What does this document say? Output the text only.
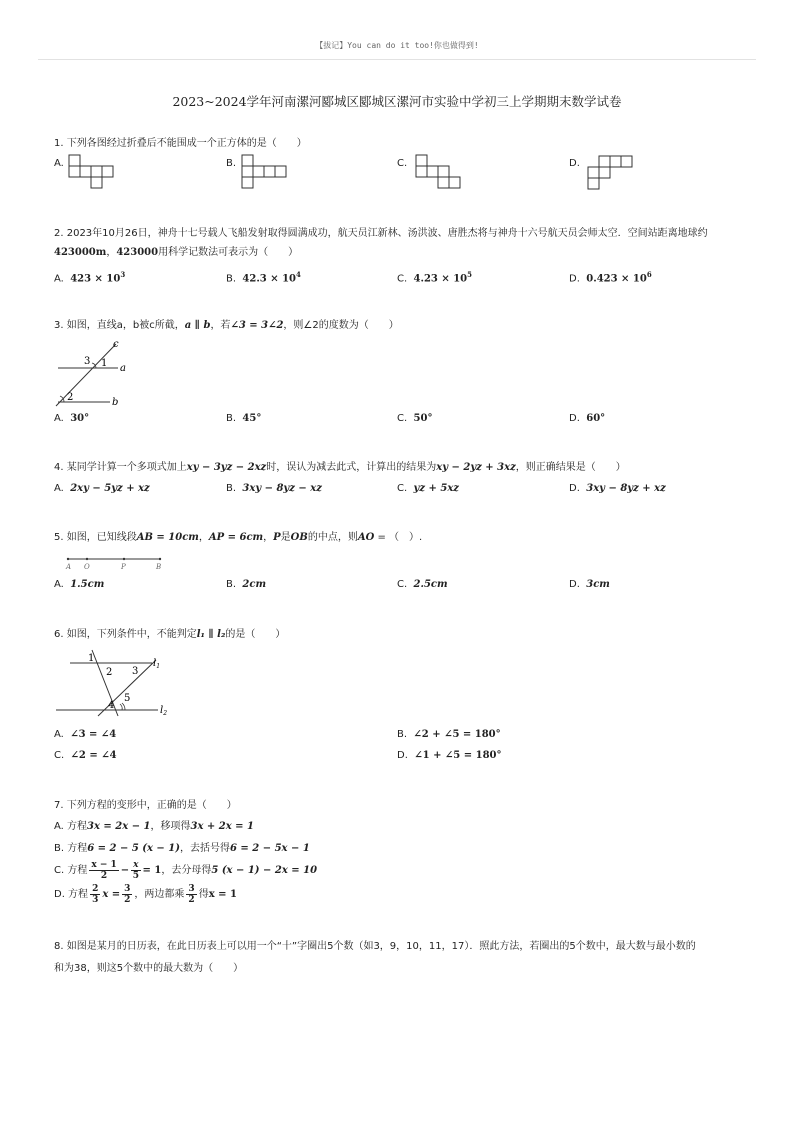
【拔记】You can do it too!你也做得到!
2023~2024学年河南漯河郾城区郾城区漯河市实验中学初三上学期期末数学试卷
1. 下列各图经过折叠后不能围成一个正方体的是（　　）
A.	B.	C.	D.
2. 2023年10月26日，神舟十七号载人飞船发射取得圆满成功，航天员江新林、汤洪波、唐胜杰将与神舟十六号航天员会师太空．空间站距离地球约
423000m，423000用科学记数法可表示为（　　）
A. $423 \times 10^3$	B. $42.3 \times 10^4$	C. $4.23 \times 10^5$	D. $0.423 \times 10^6$
3. 如图，直线a，b被c所截，a ∥ b，若∠3 = 3∠2，则∠2的度数为（　　）
c
a
b
1
3
2
A. 30°	B. 45°	C. 50°	D. 60°
4. 某同学计算一个多项式加上xy − 3yz − 2xz时，误认为减去此式，计算出的结果为xy − 2yz + 3xz，则正确结果是（　　）
A. 2xy − 5yz + xz	B. 3xy − 8yz − xz	C. yz + 5xz	D. 3xy − 8yz + xz
5. 如图，已知线段AB = 10cm，AP = 6cm，P是OB的中点，则AO = （　）.
A O	P	B
A. 1.5cm	B. 2cm	C. 2.5cm	D. 3cm
6. 如图，下列条件中，不能判定l₁ ∥ l₂的是（　　）
1
2 3
4
5
$l_1$
$l_2$
A. ∠3 = ∠4	B. ∠2 + ∠5 = 180°
C. ∠2 = ∠4	D. ∠1 + ∠5 = 180°
7. 下列方程的变形中，正确的是（　　）
A. 方程3x = 2x − 1，移项得3x + 2x = 1
B. 方程6 = 2 − 5 (x − 1)，去括号得6 = 2 − 5x − 1
C. 方程 $\frac{x - 1}{2} - \frac{x}{5} = 1$，去分母得5 (x − 1) − 2x = 10
D. 方程 $\frac{2}{3}$ $x = \frac{3}{2}$ ，两边都乘 $\frac{3}{2}$ 得x = 1
8. 如图是某月的日历表，在此日历表上可以用一个“十”字圈出5个数（如3，9，10，11，17）．照此方法，若圈出的5个数中，最大数与最小数的
和为38，则这5个数中的最大数为（　　）
